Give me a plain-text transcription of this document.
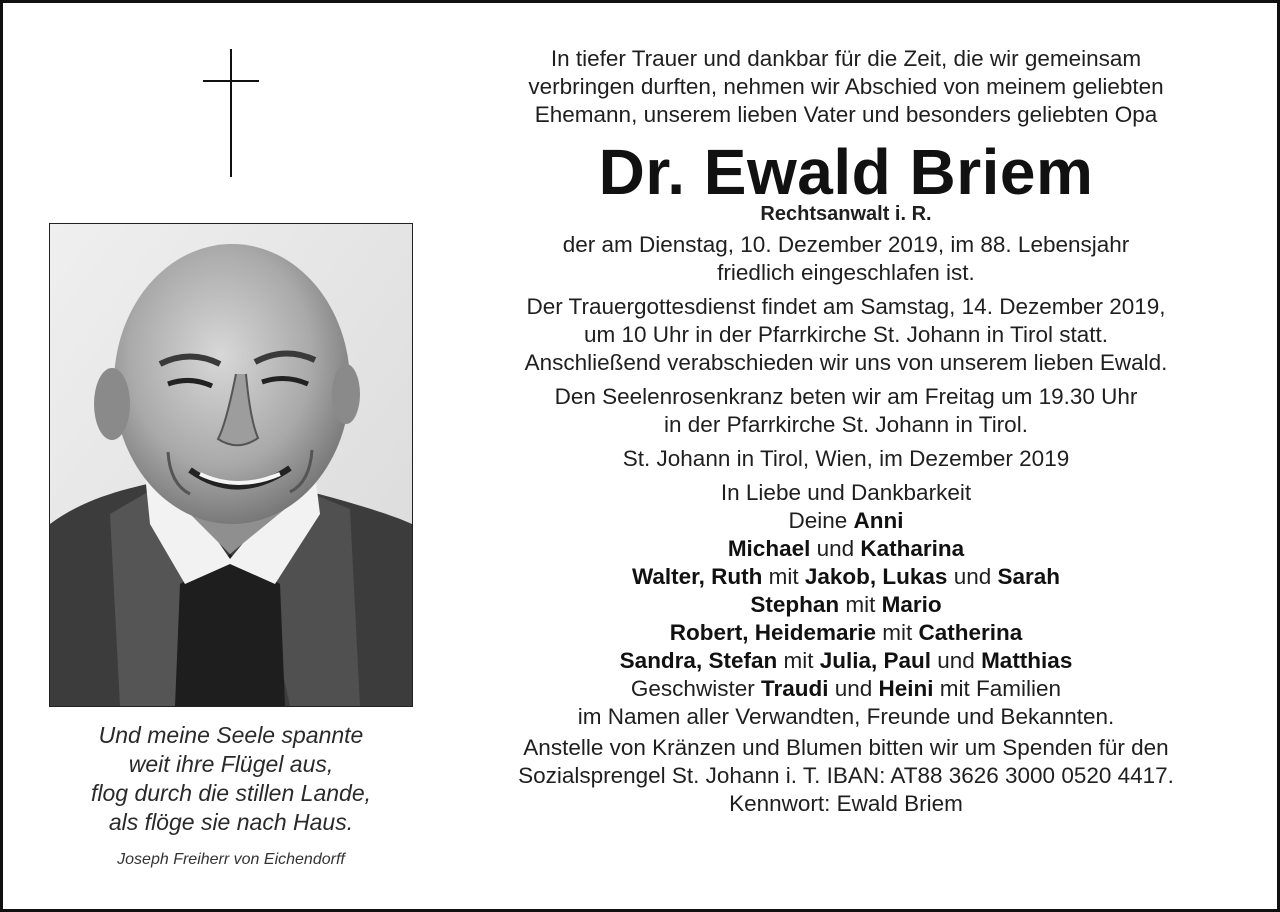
Und meine Seele spannte
weit ihre Flügel aus,
flog durch die stillen Lande,
als flöge sie nach Haus.
Joseph Freiherr von Eichendorff

In tiefer Trauer und dankbar für die Zeit, die wir gemeinsam
verbringen durften, nehmen wir Abschied von meinem geliebten
Ehemann, unserem lieben Vater und besonders geliebten Opa

Dr. Ewald Briem
Rechtsanwalt i. R.

der am Dienstag, 10. Dezember 2019, im 88. Lebensjahr
friedlich eingeschlafen ist.

Der Trauergottesdienst findet am Samstag, 14. Dezember 2019,
um 10 Uhr in der Pfarrkirche St. Johann in Tirol statt.
Anschließend verabschieden wir uns von unserem lieben Ewald.

Den Seelenrosenkranz beten wir am Freitag um 19.30 Uhr
in der Pfarrkirche St. Johann in Tirol.

St. Johann in Tirol, Wien, im Dezember 2019

In Liebe und Dankbarkeit
Deine Anni
Michael und Katharina
Walter, Ruth mit Jakob, Lukas und Sarah
Stephan mit Mario
Robert, Heidemarie mit Catherina
Sandra, Stefan mit Julia, Paul und Matthias
Geschwister Traudi und Heini mit Familien
im Namen aller Verwandten, Freunde und Bekannten.

Anstelle von Kränzen und Blumen bitten wir um Spenden für den
Sozialsprengel St. Johann i. T. IBAN: AT88 3626 3000 0520 4417.
Kennwort: Ewald Briem
